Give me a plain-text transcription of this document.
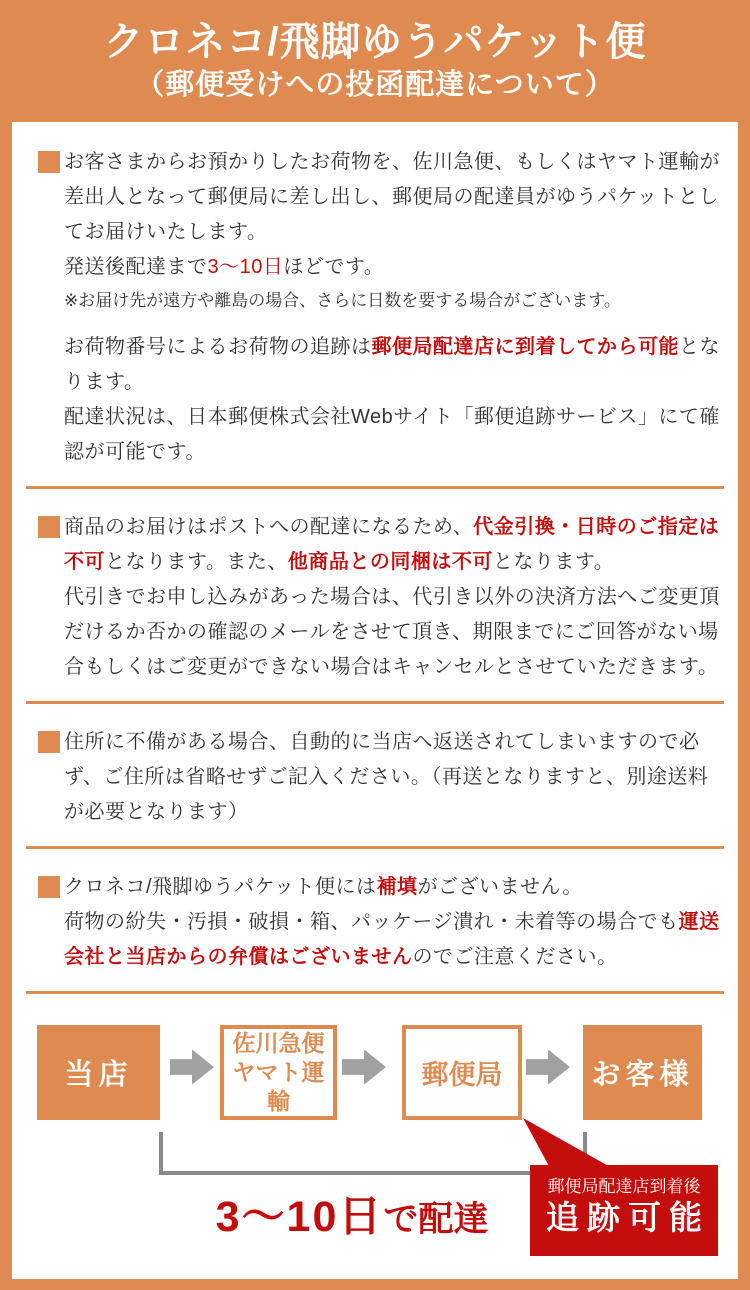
クロネコ/飛脚ゆうパケット便
（郵便受けへの投函配達について）

お客さまからお預かりしたお荷物を、佐川急便、もしくはヤマト運輸が差出人となって郵便局に差し出し、郵便局の配達員がゆうパケットとしてお届けいたします。

発送後配達まで3〜10日ほどです。

※お届け先が遠方や離島の場合、さらに日数を要する場合がございます。

お荷物番号によるお荷物の追跡は郵便局配達店に到着してから可能となります。

配達状況は、日本郵便株式会社Webサイト「郵便追跡サービス」にて確認が可能です。

商品のお届けはポストへの配達になるため、代金引換・日時のご指定は不可となります。また、他商品との同梱は不可となります。

代引きでお申し込みがあった場合は、代引き以外の決済方法へご変更頂だけるか否かの確認のメールをさせて頂き、期限までにご回答がない場合もしくはご変更ができない場合はキャンセルとさせていただきます。

住所に不備がある場合、自動的に当店へ返送されてしまいますので必ず、ご住所は省略せずご記入ください。（再送となりますと、別途送料が必要となります）

クロネコ/飛脚ゆうパケット便には補填がございません。

荷物の紛失・汚損・破損・箱、パッケージ潰れ・未着等の場合でも運送会社と当店からの弁償はございませんのでご注意ください。

お客様
郵便局
佐川急便
ヤマト運輸
当店
3〜10日で配達
郵便局配達店到着後
追跡可能
